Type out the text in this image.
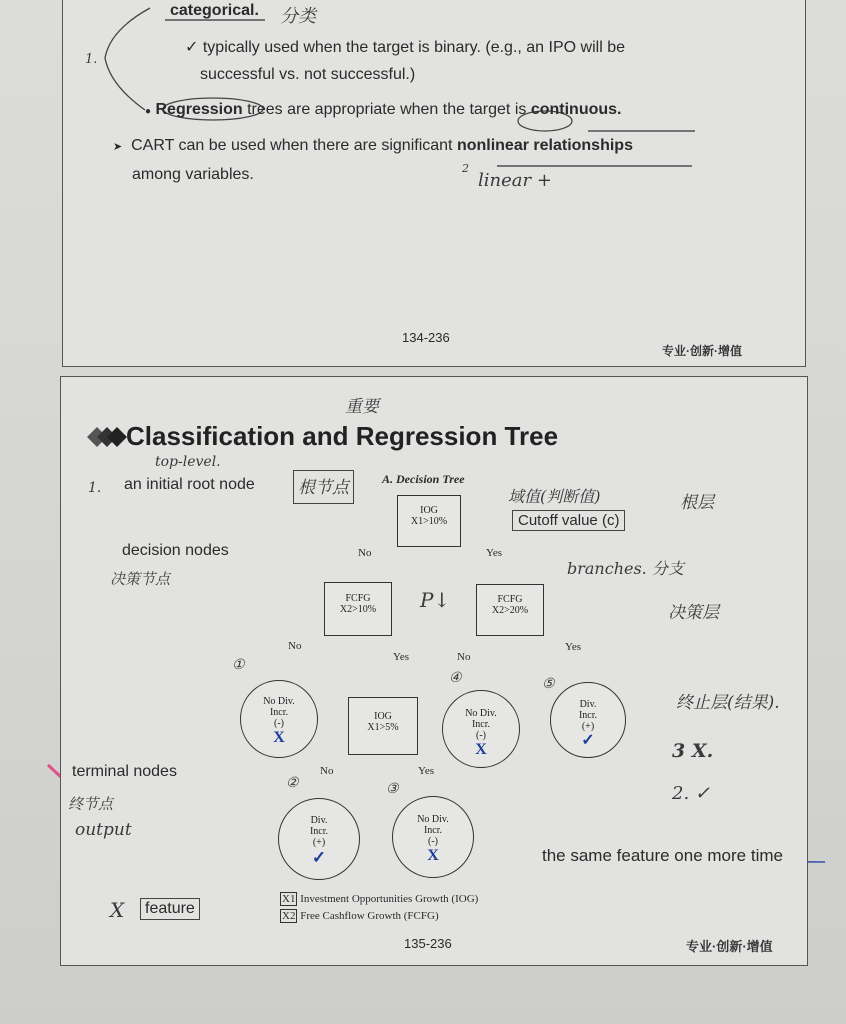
categorical. 分类
1.
✓ typically used when the target is binary. (e.g., an IPO will be
successful vs. not successful.)
● Regression trees are appropriate when the target is continuous.
➤ CART can be used when there are significant nonlinear relationships
among variables.	2
linear +
134-236
专业·创新·增值
Classification and Regression Tree
重要
top-level.
1. an initial root node	根节点	A. Decision Tree
域值(判断值)
Cutoff value (c)
根层
IOG
X1>10%
decision nodes
决策节点
No	Yes
branches. 分支
FCFG
X2>10%	P↓	FCFG
X2>20%	决策层
No
Yes	No
Yes
①
No Div.
Incr.
(-)
X
IOG
X1>5%
④
No Div.
Incr.
(-)
X
⑤
Div.
Incr.
(+)
✓
终止层(结果).
3 X.
2. ✓
terminal nodes
终节点
output
No	Yes
②
Div.
Incr.
(+)
✓
③
No Div.
Incr.
(-)
X	the same feature one more time
X	feature
X1 Investment Opportunities Growth (IOG)
X2 Free Cashflow Growth (FCFG)
135-236	专业·创新·增值
